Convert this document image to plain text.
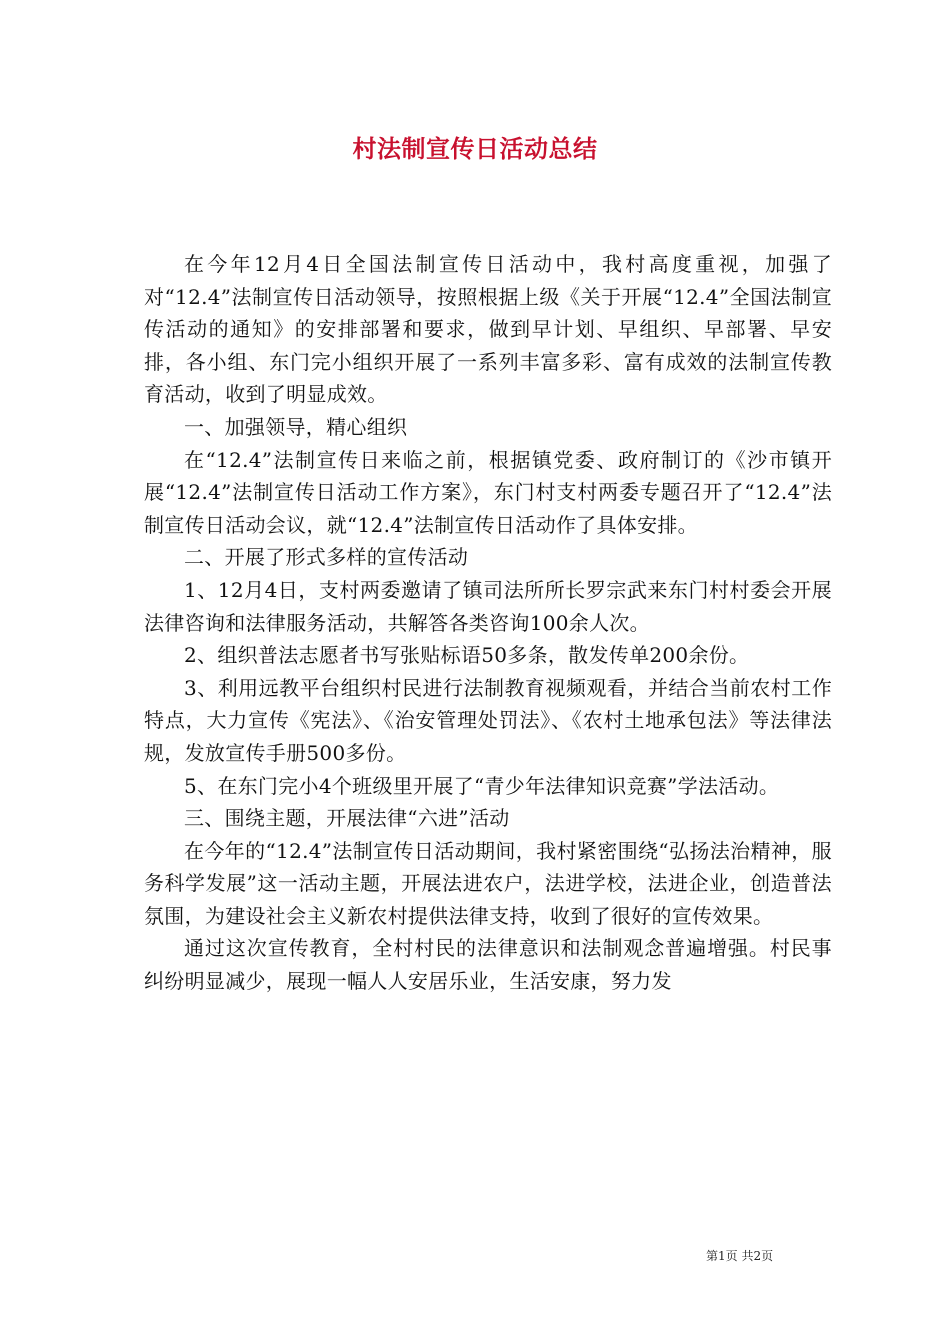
村法制宣传日活动总结

在今年12月4日全国法制宣传日活动中，我村高度重视，加强了对“12.4”法制宣传日活动领导，按照根据上级《关于开展“12.4”全国法制宣传活动的通知》的安排部署和要求，做到早计划、早组织、早部署、早安排，各小组、东门完小组织开展了一系列丰富多彩、富有成效的法制宣传教育活动，收到了明显成效。

一、加强领导，精心组织

在“12.4”法制宣传日来临之前，根据镇党委、政府制订的《沙市镇开展“12.4”法制宣传日活动工作方案》，东门村支村两委专题召开了“12.4”法制宣传日活动会议，就“12.4”法制宣传日活动作了具体安排。

二、开展了形式多样的宣传活动

1、12月4日，支村两委邀请了镇司法所所长罗宗武来东门村村委会开展法律咨询和法律服务活动，共解答各类咨询100余人次。

2、组织普法志愿者书写张贴标语50多条，散发传单200余份。

3、利用远教平台组织村民进行法制教育视频观看，并结合当前农村工作特点，大力宣传《宪法》、《治安管理处罚法》、《农村土地承包法》等法律法规，发放宣传手册500多份。

5、在东门完小4个班级里开展了“青少年法律知识竞赛”学法活动。

三、围绕主题，开展法律“六进”活动

在今年的“12.4”法制宣传日活动期间，我村紧密围绕“弘扬法治精神，服务科学发展”这一活动主题，开展法进农户，法进学校，法进企业，创造普法氛围，为建设社会主义新农村提供法律支持，收到了很好的宣传效果。

通过这次宣传教育，全村村民的法律意识和法制观念普遍增强。村民事纠纷明显减少，展现一幅人人安居乐业，生活安康，努力发

第1页 共2页
